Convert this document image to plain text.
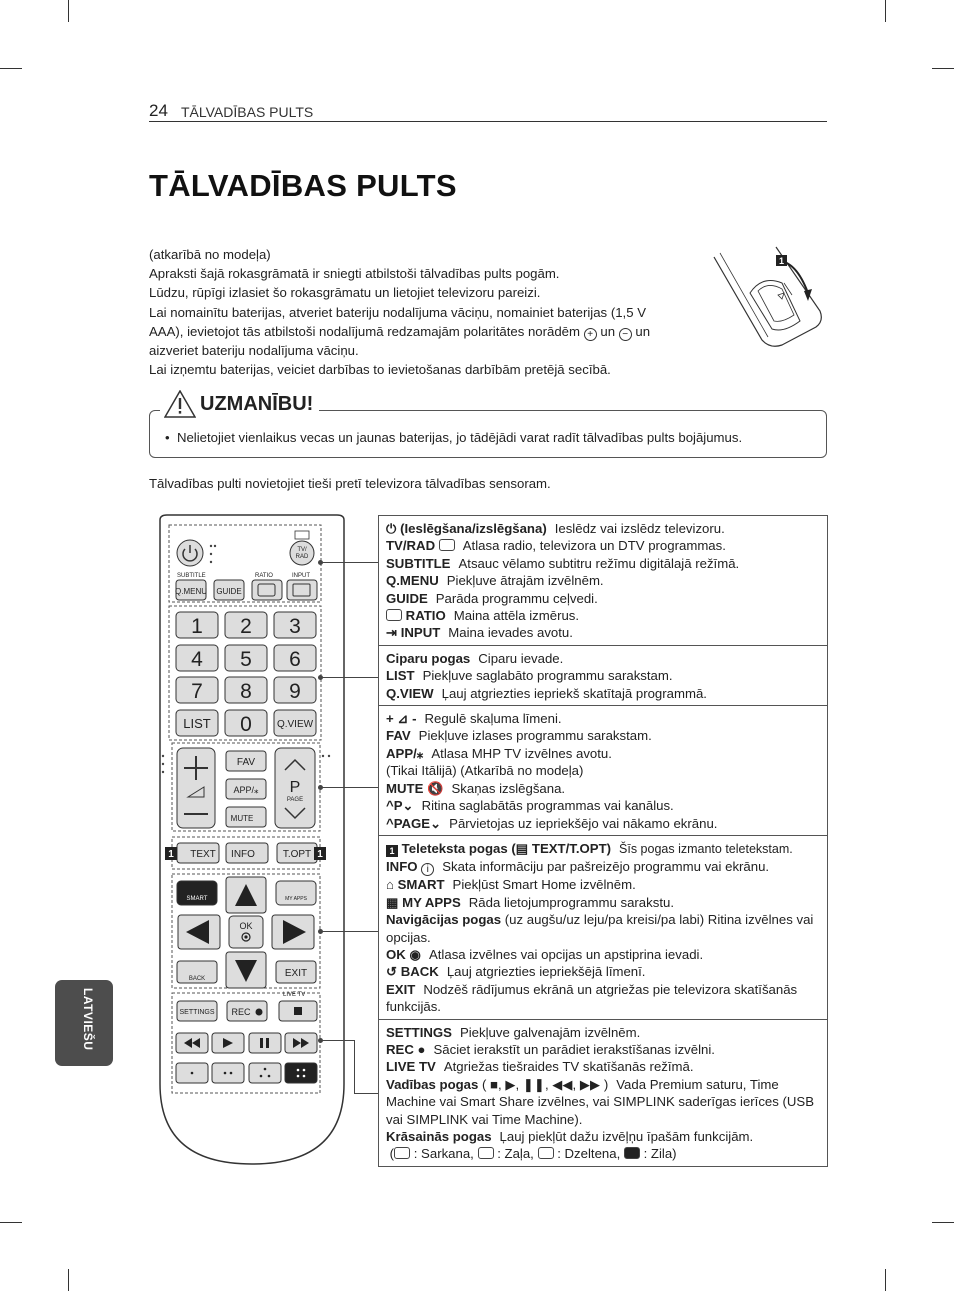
24 TĀLVADĪBAS PULTS
TĀLVADĪBAS PULTS
(atkarībā no modeļa)
Apraksti šajā rokasgrāmatā ir sniegti atbilstoši tālvadības pults pogām.
Lūdzu, rūpīgi izlasiet šo rokasgrāmatu un lietojiet televizoru pareizi.
Lai nomainītu baterijas, atveriet bateriju nodalījuma vāciņu, nomainiet baterijas (1,5 V
AAA), ievietojot tās atbilstoši nodalījumā redzamajām polaritātes norādēm + un − un
aizveriet bateriju nodalījuma vāciņu.
Lai izņemtu baterijas, veiciet darbības to ievietošanas darbībām pretējā secībā.
1
UZMANĪBU!
• Nelietojiet vienlaikus vecas un jaunas baterijas, jo tādējādi varat radīt tālvadības pults bojājumus.
Tālvadības pulti novietojiet tieši pretī televizora tālvadības sensoram.
LATVIEŠU
TV/
RAD
SUBTITLE	RATIO	INPUT
Q.MENU GUIDE
1 2 3
4 5 6
7 8 9
0
LIST	Q.VIEW
P
PAGE
FAV
APP/⁎
MUTE
TEXT INFO	T.OPT
1	1
SMART	MY APPS
OK
BACK	EXIT
LIVE TV
SETTINGS REC
⏻ (Ieslēgšana/izslēgšana) Ieslēdz vai izslēdz televizoru.
TV/RAD Atlasa radio, televizora un DTV programmas.
SUBTITLE Atsauc vēlamo subtitru režīmu digitālajā režīmā.
Q.MENU Piekļuve ātrajām izvēlnēm.
GUIDE Parāda programmu ceļvedi.
RATIO Maina attēla izmērus.
⇥ INPUT Maina ievades avotu.
Ciparu pogas Ciparu ievade.
LIST Piekļuve saglabāto programmu sarakstam.
Q.VIEW Ļauj atgriezties iepriekš skatītajā programmā.
+ ⊿ - Regulē skaļuma līmeni.
FAV Piekļuve izlases programmu sarakstam.
APP/⁎ Atlasa MHP TV izvēlnes avotu.
(Tikai Itālijā) (Atkarībā no modeļa)
MUTE 🔇 Skaņas izslēgšana.
^P⌄ Ritina saglabātās programmas vai kanālus.
^PAGE⌄ Pārvietojas uz iepriekšējo vai nākamo ekrānu.
1 Teleteksta pogas (▤ TEXT/T.OPT) Šīs pogas izmanto teletekstam.
INFO i Skata informāciju par pašreizējo programmu vai ekrānu.
⌂ SMART Piekļūst Smart Home izvēlnēm.
▦ MY APPS Rāda lietojumprogrammu sarakstu.
Navigācijas pogas (uz augšu/uz leju/pa kreisi/pa labi) Ritina izvēlnes vai opcijas.
OK ◉ Atlasa izvēlnes vai opcijas un apstiprina ievadi.
↺ BACK Ļauj atgriezties iepriekšējā līmenī.
EXIT Nodzēš rādījumus ekrānā un atgriežas pie televizora skatīšanās funkcijās.
SETTINGS Piekļuve galvenajām izvēlnēm.
REC ● Sāciet ierakstīt un parādiet ierakstīšanas izvēlni.
LIVE TV Atgriežas tiešraides TV skatīšanās režīmā.
Vadības pogas ( ■, ▶, ❚❚, ◀◀, ▶▶ ) Vada Premium saturu, Time Machine vai Smart Share izvēlnes, vai SIMPLINK saderīgas ierīces (USB vai SIMPLINK vai Time Machine).
Krāsainās pogas Ļauj piekļūt dažu izvēļņu īpašām funkcijām.
( : Sarkana, : Zaļa, : Dzeltena, : Zila)
